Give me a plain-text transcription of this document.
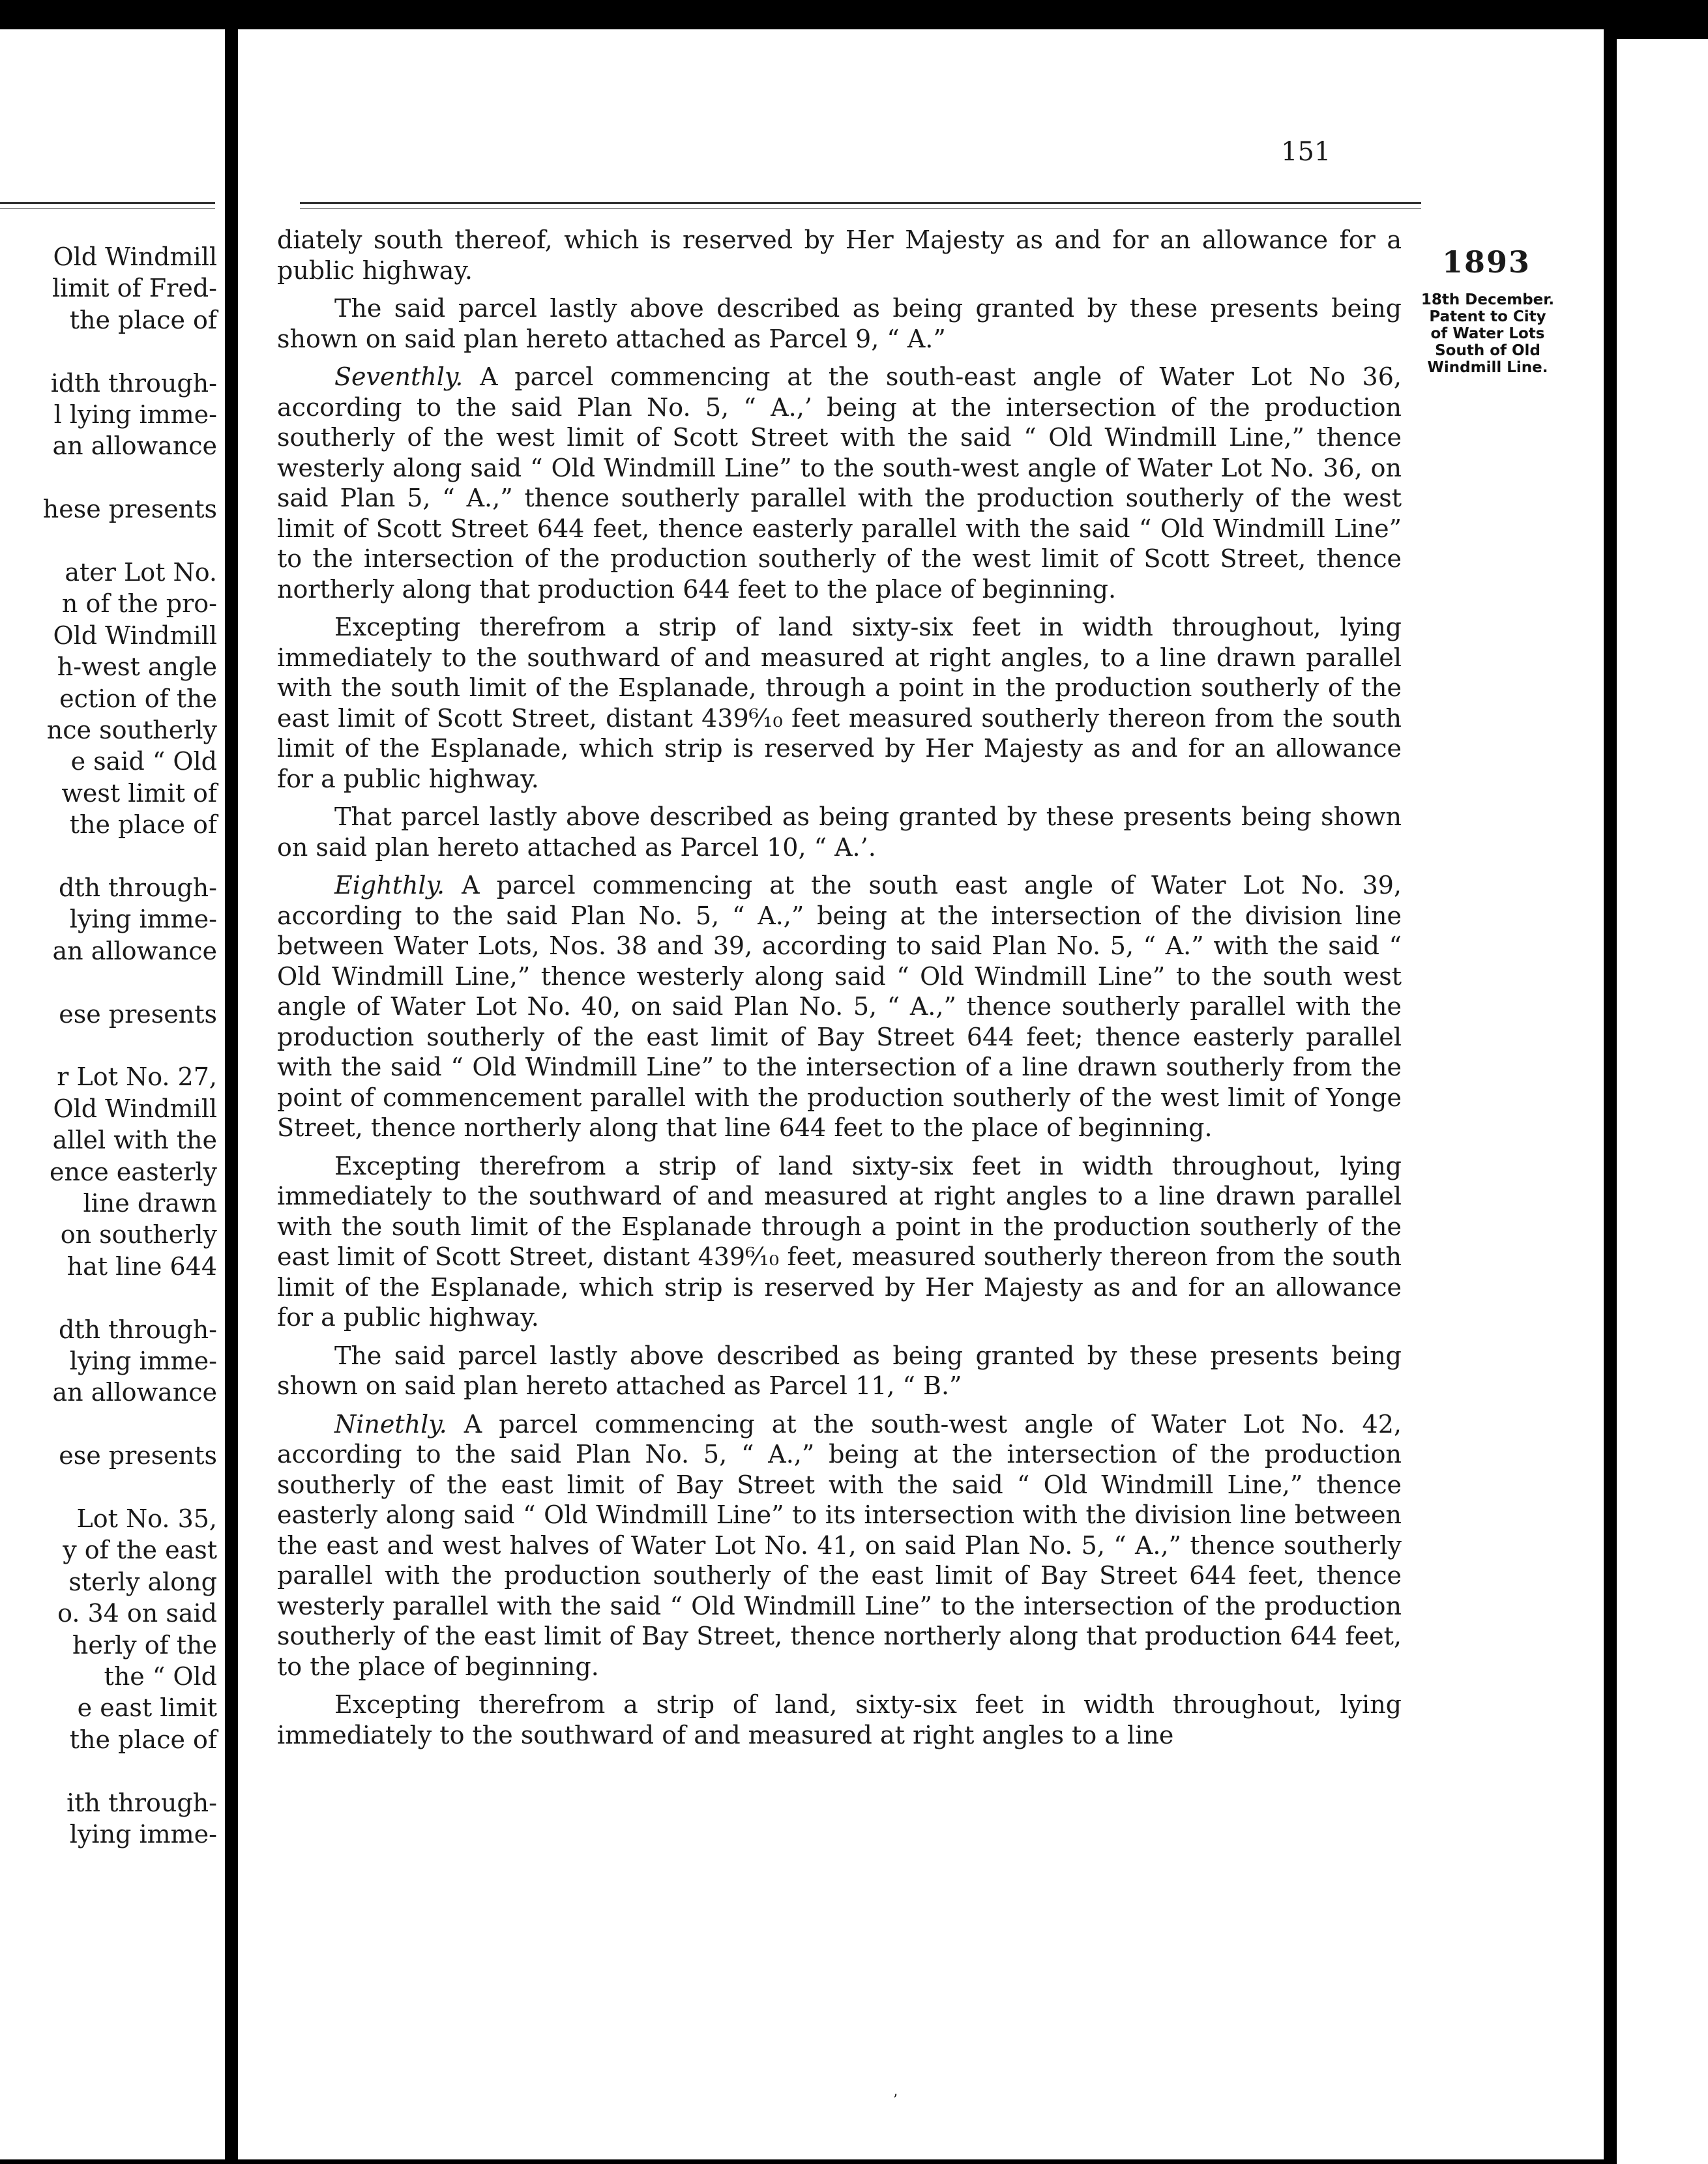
Old Windmill
limit of Fred-
the place of
idth through-
l lying imme-
an allowance
hese presents
ater Lot No.
n of the pro-
Old Windmill
h-west angle
ection of the
nce southerly
e said “ Old
west limit of
the place of
dth through-
lying imme-
an allowance
ese presents
r Lot No. 27,
Old Windmill
allel with the
ence easterly
line drawn
on southerly
hat line 644
dth through-
lying imme-
an allowance
ese presents
Lot No. 35,
y of the east
sterly along
o. 34 on said
herly of the
the “ Old
e east limit
the place of
ith through-
lying imme-
151

diately south thereof, which is reserved by Her Majesty as and for an allowance for a public highway.

The said parcel lastly above described as being granted by these presents being shown on said plan hereto attached as Parcel 9, “ A.”

Seventhly. A parcel commencing at the south-east angle of Water Lot No 36, according to the said Plan No. 5, “ A.,’ being at the intersection of the production southerly of the west limit of Scott Street with the said “ Old Windmill Line,” thence westerly along said “ Old Windmill Line” to the south-west angle of Water Lot No. 36, on said Plan 5, “ A.,” thence southerly parallel with the production southerly of the west limit of Scott Street 644 feet, thence easterly parallel with the said “ Old Windmill Line” to the intersection of the production southerly of the west limit of Scott Street, thence northerly along that production 644 feet to the place of beginning.

Excepting therefrom a strip of land sixty-six feet in width throughout, lying immediately to the southward of and measured at right angles, to a line drawn parallel with the south limit of the Esplanade, through a point in the production southerly of the east limit of Scott Street, distant 439⁶⁄₁₀ feet measured southerly thereon from the south limit of the Esplanade, which strip is reserved by Her Majesty as and for an allowance for a public highway.

That parcel lastly above described as being granted by these presents being shown on said plan hereto attached as Parcel 10, “ A.’.

Eighthly. A parcel commencing at the south east angle of Water Lot No. 39, according to the said Plan No. 5, “ A.,” being at the intersection of the division line between Water Lots, Nos. 38 and 39, according to said Plan No. 5, “ A.” with the said “ Old Windmill Line,” thence westerly along said “ Old Windmill Line” to the south west angle of Water Lot No. 40, on said Plan No. 5, “ A.,” thence southerly parallel with the production southerly of the east limit of Bay Street 644 feet; thence easterly parallel with the said “ Old Windmill Line” to the intersection of a line drawn southerly from the point of commencement parallel with the production southerly of the west limit of Yonge Street, thence northerly along that line 644 feet to the place of beginning.

Excepting therefrom a strip of land sixty-six feet in width throughout, lying immediately to the southward of and measured at right angles to a line drawn parallel with the south limit of the Esplanade through a point in the production southerly of the east limit of Scott Street, distant 439⁶⁄₁₀ feet, measured southerly thereon from the south limit of the Esplanade, which strip is reserved by Her Majesty as and for an allowance for a public highway.

The said parcel lastly above described as being granted by these presents being shown on said plan hereto attached as Parcel 11, “ B.”

Ninethly. A parcel commencing at the south-west angle of Water Lot No. 42, according to the said Plan No. 5, “ A.,” being at the intersection of the production southerly of the east limit of Bay Street with the said “ Old Windmill Line,” thence easterly along said “ Old Windmill Line” to its intersection with the division line between the east and west halves of Water Lot No. 41, on said Plan No. 5, “ A.,” thence southerly parallel with the production southerly of the east limit of Bay Street 644 feet, thence westerly parallel with the said “ Old Windmill Line” to the intersection of the production southerly of the east limit of Bay Street, thence northerly along that production 644 feet, to the place of beginning.

Excepting therefrom a strip of land, sixty-six feet in width throughout, lying immediately to the southward of and measured at right angles to a line

1893
18th December.
Patent to City
of Water Lots
South of Old
Windmill Line.
’
